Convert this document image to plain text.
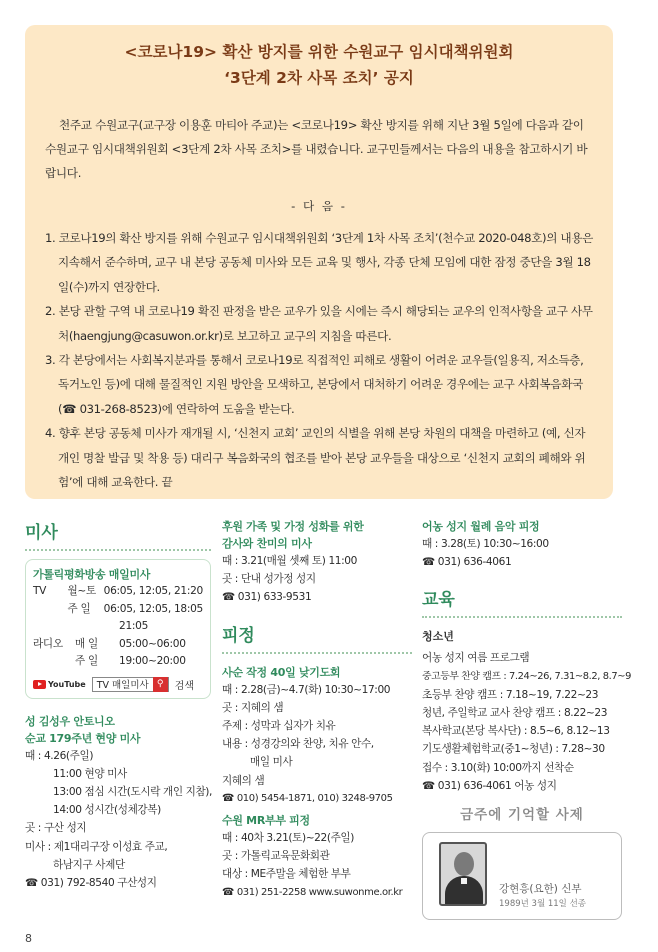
<코로나19> 확산 방지를 위한 수원교구 임시대책위원회
‘3단계 2차 사목 조치’ 공지

천주교 수원교구(교구장 이용훈 마티아 주교)는 <코로나19> 확산 방지를 위해 지난 3월 5일에 다음과 같이 수원교구 임시대책위원회 <3단계 2차 사목 조치>를 내렸습니다. 교구민들께서는 다음의 내용을 참고하시기 바랍니다.

- 다 음 -
1. 코로나19의 확산 방지를 위해 수원교구 임시대책위원회 ‘3단계 1차 사목 조치’(천수교 2020-048호)의 내용은 지속해서 준수하며, 교구 내 본당 공동체 미사와 모든 교육 및 행사, 각종 단체 모임에 대한 잠정 중단을 3월 18일(수)까지 연장한다.
2. 본당 관할 구역 내 코로나19 확진 판정을 받은 교우가 있을 시에는 즉시 해당되는 교우의 인적사항을 교구 사무처(haengjung@casuwon.or.kr)로 보고하고 교구의 지침을 따른다.
3. 각 본당에서는 사회복지분과를 통해서 코로나19로 직접적인 피해로 생활이 어려운 교우들(일용직, 저소득층, 독거노인 등)에 대해 물질적인 지원 방안을 모색하고, 본당에서 대처하기 어려운 경우에는 교구 사회복음화국(☎ 031-268-8523)에 연락하여 도움을 받는다.
4. 향후 본당 공동체 미사가 재개될 시, ‘신천지 교회’ 교인의 식별을 위해 본당 차원의 대책을 마련하고 (예, 신자 개인 명찰 발급 및 착용 등) 대리구 복음화국의 협조를 받아 본당 교우들을 대상으로 ‘신천지 교회의 폐해와 위험’에 대해 교육한다. 끝
미사
가톨릭평화방송 매일미사
TV	월~토 06:05, 12:05, 21:20
주 일	06:05, 12:05, 18:05
21:05
라디오	매 일	05:00~06:00
주 일	19:00~20:00
YouTube	TV 매일미사 ⚲	검색
성 김성우 안토니오
순교 179주년 현양 미사
때 : 4.26(주일)
11:00 현양 미사
13:00 점심 시간(도시락 개인 지참),
14:00 성시간(성체강복)
곳 : 구산 성지
미사 : 제1대리구장 이성효 주교,
하남지구 사제단
☎ 031) 792-8540 구산성지
후원 가족 및 가정 성화를 위한
감사와 찬미의 미사
때 : 3.21(매월 셋째 토) 11:00
곳 : 단내 성가정 성지
☎ 031) 633-9531
피정
사순 작정 40일 낮기도회
때 : 2.28(금)~4.7(화) 10:30~17:00
곳 : 지혜의 샘
주제 : 성막과 십자가 치유
내용 : 성경강의와 찬양, 치유 안수,
매일 미사
지혜의 샘
☎ 010) 5454-1871, 010) 3248-9705
수원 MR부부 피정
때 : 40차 3.21(토)~22(주일)
곳 : 가톨릭교육문화회관
대상 : ME주말을 체험한 부부
☎ 031) 251-2258 www.suwonme.or.kr
어농 성지 월례 음악 피정
때 : 3.28(토) 10:30~16:00
☎ 031) 636-4061
교육
청소년
어농 성지 여름 프로그램
중고등부 찬양 캠프 : 7.24~26, 7.31~8.2, 8.7~9
초등부 찬양 캠프 : 7.18~19, 7.22~23
청년, 주일학교 교사 찬양 캠프 : 8.22~23
복사학교(본당 복사단) : 8.5~6, 8.12~13
기도생활체험학교(중1~청년) : 7.28~30
접수 : 3.10(화) 10:00까지 선착순
☎ 031) 636-4061 어농 성지
금주에 기억할 사제
강현흥(요한) 신부
1989년 3월 11일 선종
8
